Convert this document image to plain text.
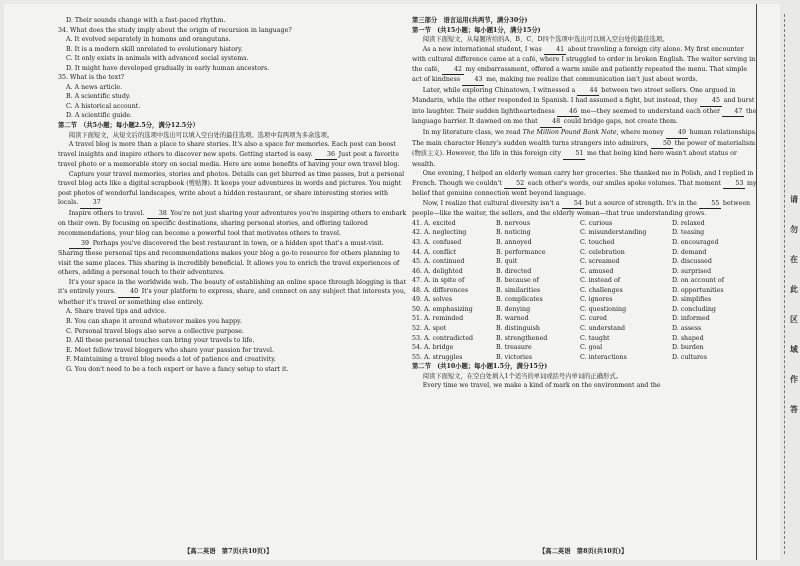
D. Their sounds change with a fast-paced rhythm.

34. What does the study imply about the origin of recursion in language?

A. It evolved separately in humans and orangutans.

B. It is a modern skill unrelated to evolutionary history.

C. It only exists in animals with advanced social systems.

D. It might have developed gradually in early human ancestors.

35. What is the text?

A. A news article.

B. A scientific study.

C. A historical account.

D. A scientific guide.

第二节　（共5小题；每小题2.5分，满分12.5分）

阅读下面短文，从短文后的选项中选出可以填入空白处的最佳选项。选项中有两项为多余选项。

A travel blog is more than a place to share stories. It's also a space for memories. Each post can boost travel insights and inspire others to discover new spots. Getting started is easy. 36 Just post a favorite travel photo or a memorable story on social media. Here are some benefits of having your own travel blog.

Capture your travel memories, stories and photos. Details can get blurred as time passes, but a personal travel blog acts like a digital scrapbook (剪贴簿). It keeps your adventures in words and pictures. You might post photos of wonderful landscapes, write about a hidden restaurant, or share interesting stories with locals. 37

Inspire others to travel. 38 You're not just sharing your adventures you're inspiring others to embark on their own. By focusing on specific destinations, sharing personal stories, and offering tailored recommendations, your blog can become a powerful tool that motivates others to travel.

39 Perhaps you've discovered the best restaurant in town, or a hidden spot that's a must-visit. Sharing these personal tips and recommendations makes your blog a go-to resource for others planning to visit the same places. This sharing is incredibly beneficial. It allows you to enrich the travel experiences of others, adding a personal touch to their adventures.

It's your space in the worldwide web. The beauty of establishing an online space through blogging is that it's entirely yours. 40 It's your platform to express, share, and connect on any subject that interests you, whether it's travel or something else entirely.

A. Share travel tips and advice.

B. You can shape it around whatever makes you happy.

C. Personal travel blogs also serve a collective purpose.

D. All these personal touches can bring your travels to life.

E. Meet fellow travel bloggers who share your passion for travel.

F. Maintaining a travel blog needs a lot of patience and creativity.

G. You don't need to be a tech expert or have a fancy setup to start it.

【高二英语　第7页(共10页)】

第三部分　语言运用(共两节，满分30分)

第一节　(共15小题；每小题1分，满分15分)

阅读下面短文，从每题所给的A、B、C、D四个选项中选出可以填入空白处的最佳选项。

As a new international student, I was 41 about traveling a foreign city alone. My first encounter with cultural difference came at a café, where I struggled to order in broken English. The waiter serving in the café, 42 my embarrassment, offered a warm smile and patiently repeated the menu. That simple act of kindness 43 me, making me realize that communication isn't just about words.

Later, while exploring Chinatown, I witnessed a 44 between two street sellers. One argued in Mandarin, while the other responded in Spanish. I had assumed a fight, but instead, they 45 and burst into laughter. Their sudden lightheartedness 46 me—they seemed to understand each other 47 the language barrier. It dawned on me that 48 could bridge gaps, not create them.

In my literature class, we read The Million Pound Bank Note, where money 49 human relationships. The main character Henry's sudden wealth turns strangers into admirers, 50 the power of materialism (物质主义). However, the life in this foreign city 51 me that being kind here wasn't about status or wealth.

One evening, I helped an elderly woman carry her groceries. She thanked me in Polish, and I replied in French. Though we couldn't 52 each other's words, our smiles spoke volumes. That moment 53 my belief that genuine connection went beyond language.

Now, I realize that cultural diversity isn't a 54 but a source of strength. It's in the 55 between people—like the waiter, the sellers, and the elderly woman—that true understanding grows.

41. A. excited	B. nervous	C. curious	D. relaxed
42. A. neglecting	B. noticing	C. misunderstanding	D. teasing
43. A. confused	B. annoyed	C. touched	D. encouraged
44. A. conflict	B. performance	C. celebration	D. demand
45. A. continued	B. quit	C. screamed	D. discussed
46. A. delighted	B. directed	C. amused	D. surprised
47. A. in spite of	B. because of	C. instead of	D. on account of
48. A. differences	B. similarities	C. challenges	D. opportunities
49. A. solves	B. complicates	C. ignores	D. simplifies
50. A. emphasizing	B. denying	C. questioning	D. concluding
51. A. reminded	B. warned	C. cured	D. informed
52. A. spot	B. distinguish	C. understand	D. assess
53. A. contradicted	B. strengthened	C. taught	D. shaped
54. A. bridge	B. treasure	C. goal	D. burden
55. A. struggles	B. victories	C. interactions	D. cultures

第二节　(共10小题；每小题1.5分，满分15分)

阅读下面短文，在空白处填入1个适当的单词或括号内单词的正确形式。

Every time we travel, we make a kind of mark on the environment and the

【高二英语　第8页(共10页)】
请
勿
在
此
区
域
作
答
